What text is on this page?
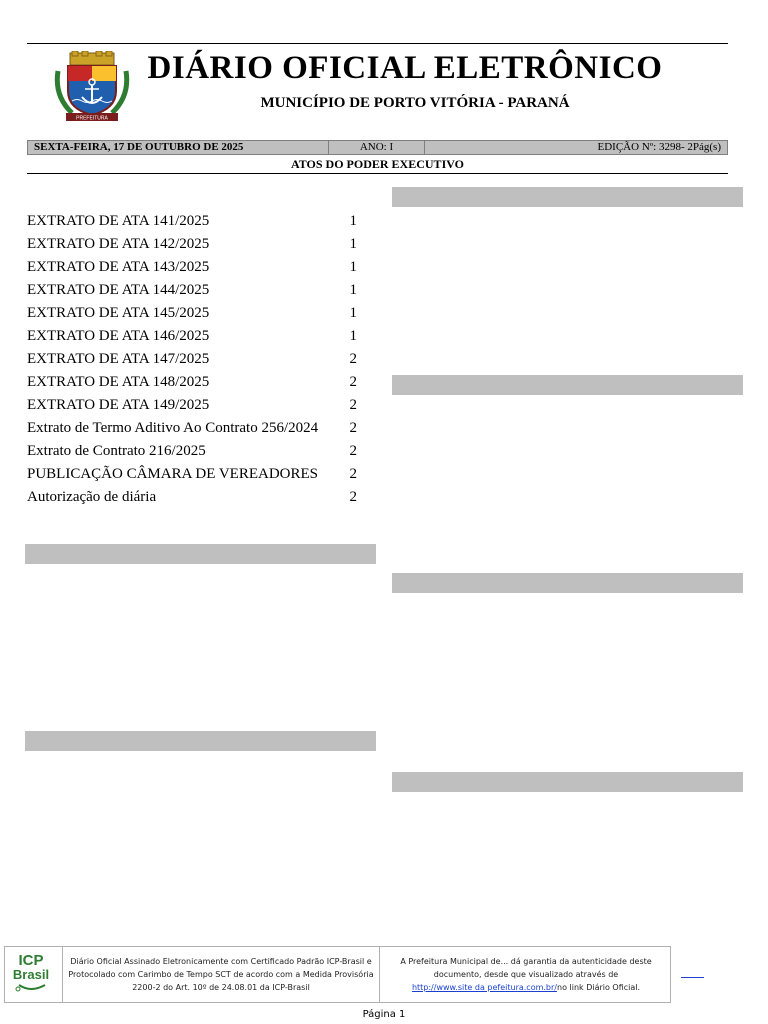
PREFEITURA
DIÁRIO OFICIAL ELETRÔNICO
MUNICÍPIO DE PORTO VITÓRIA - PARANÁ
SEXTA-FEIRA, 17 DE OUTUBRO DE 2025	ANO: I	EDIÇÃO Nº: 3298- 2Pág(s)
ATOS DO PODER EXECUTIVO
EXTRATO DE ATA 141/2025	1
EXTRATO DE ATA 142/2025	1
EXTRATO DE ATA 143/2025	1
EXTRATO DE ATA 144/2025	1
EXTRATO DE ATA 145/2025	1
EXTRATO DE ATA 146/2025	1
EXTRATO DE ATA 147/2025	2
EXTRATO DE ATA 148/2025	2
EXTRATO DE ATA 149/2025	2
Extrato de Termo Aditivo Ao Contrato 256/2024 2
Extrato de Contrato 216/2025	2
PUBLICAÇÃO CÂMARA DE VEREADORES 2
Autorização de diária	2
ICP
Brasil
Diário Oficial Assinado Eletronicamente com Certificado Padrão ICP-Brasil e Protocolado com Carimbo de Tempo SCT de acordo com a Medida Provisória 2200-2 do Art. 10º de 24.08.01 da ICP-Brasil
A Prefeitura Municipal de... dá garantia da autenticidade deste documento, desde que visualizado através de
http://www.site da pefeitura.com.br/no link Diário Oficial.
Página 1
